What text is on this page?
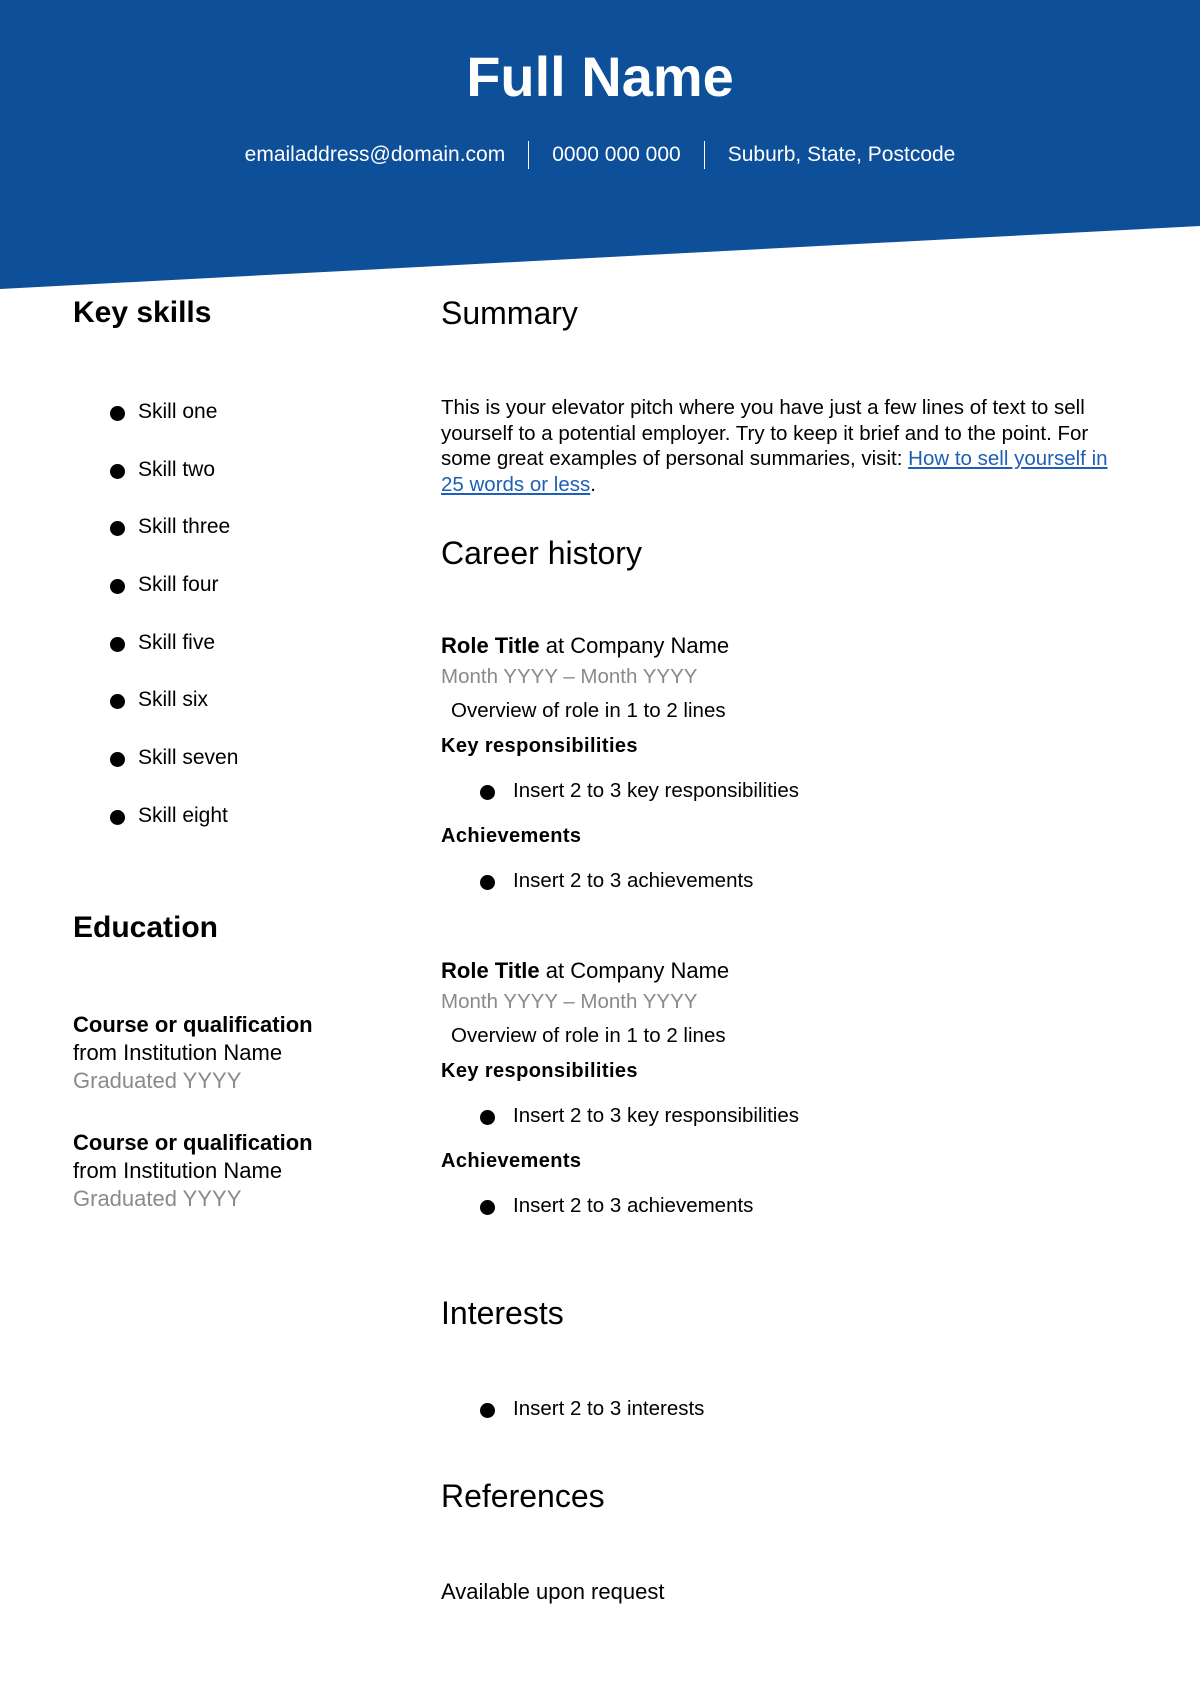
Full Name
emailaddress@domain.com 0000 000 000 Suburb, State, Postcode
Key skills
Skill one
Skill two
Skill three
Skill four
Skill five
Skill six
Skill seven
Skill eight
Education
Course or qualification
from Institution Name
Graduated YYYY
Course or qualification
from Institution Name
Graduated YYYY
Summary
This is your elevator pitch where you have just a few lines of text to sell yourself to a potential employer. Try to keep it brief and to the point. For some great examples of personal summaries, visit: How to sell yourself in 25 words or less.
Career history
Role Title at Company Name
Month YYYY – Month YYYY
Overview of role in 1 to 2 lines
Key responsibilities
Insert 2 to 3 key responsibilities
Achievements
Insert 2 to 3 achievements
Role Title at Company Name
Month YYYY – Month YYYY
Overview of role in 1 to 2 lines
Key responsibilities
Insert 2 to 3 key responsibilities
Achievements
Insert 2 to 3 achievements
Interests
Insert 2 to 3 interests
References
Available upon request
